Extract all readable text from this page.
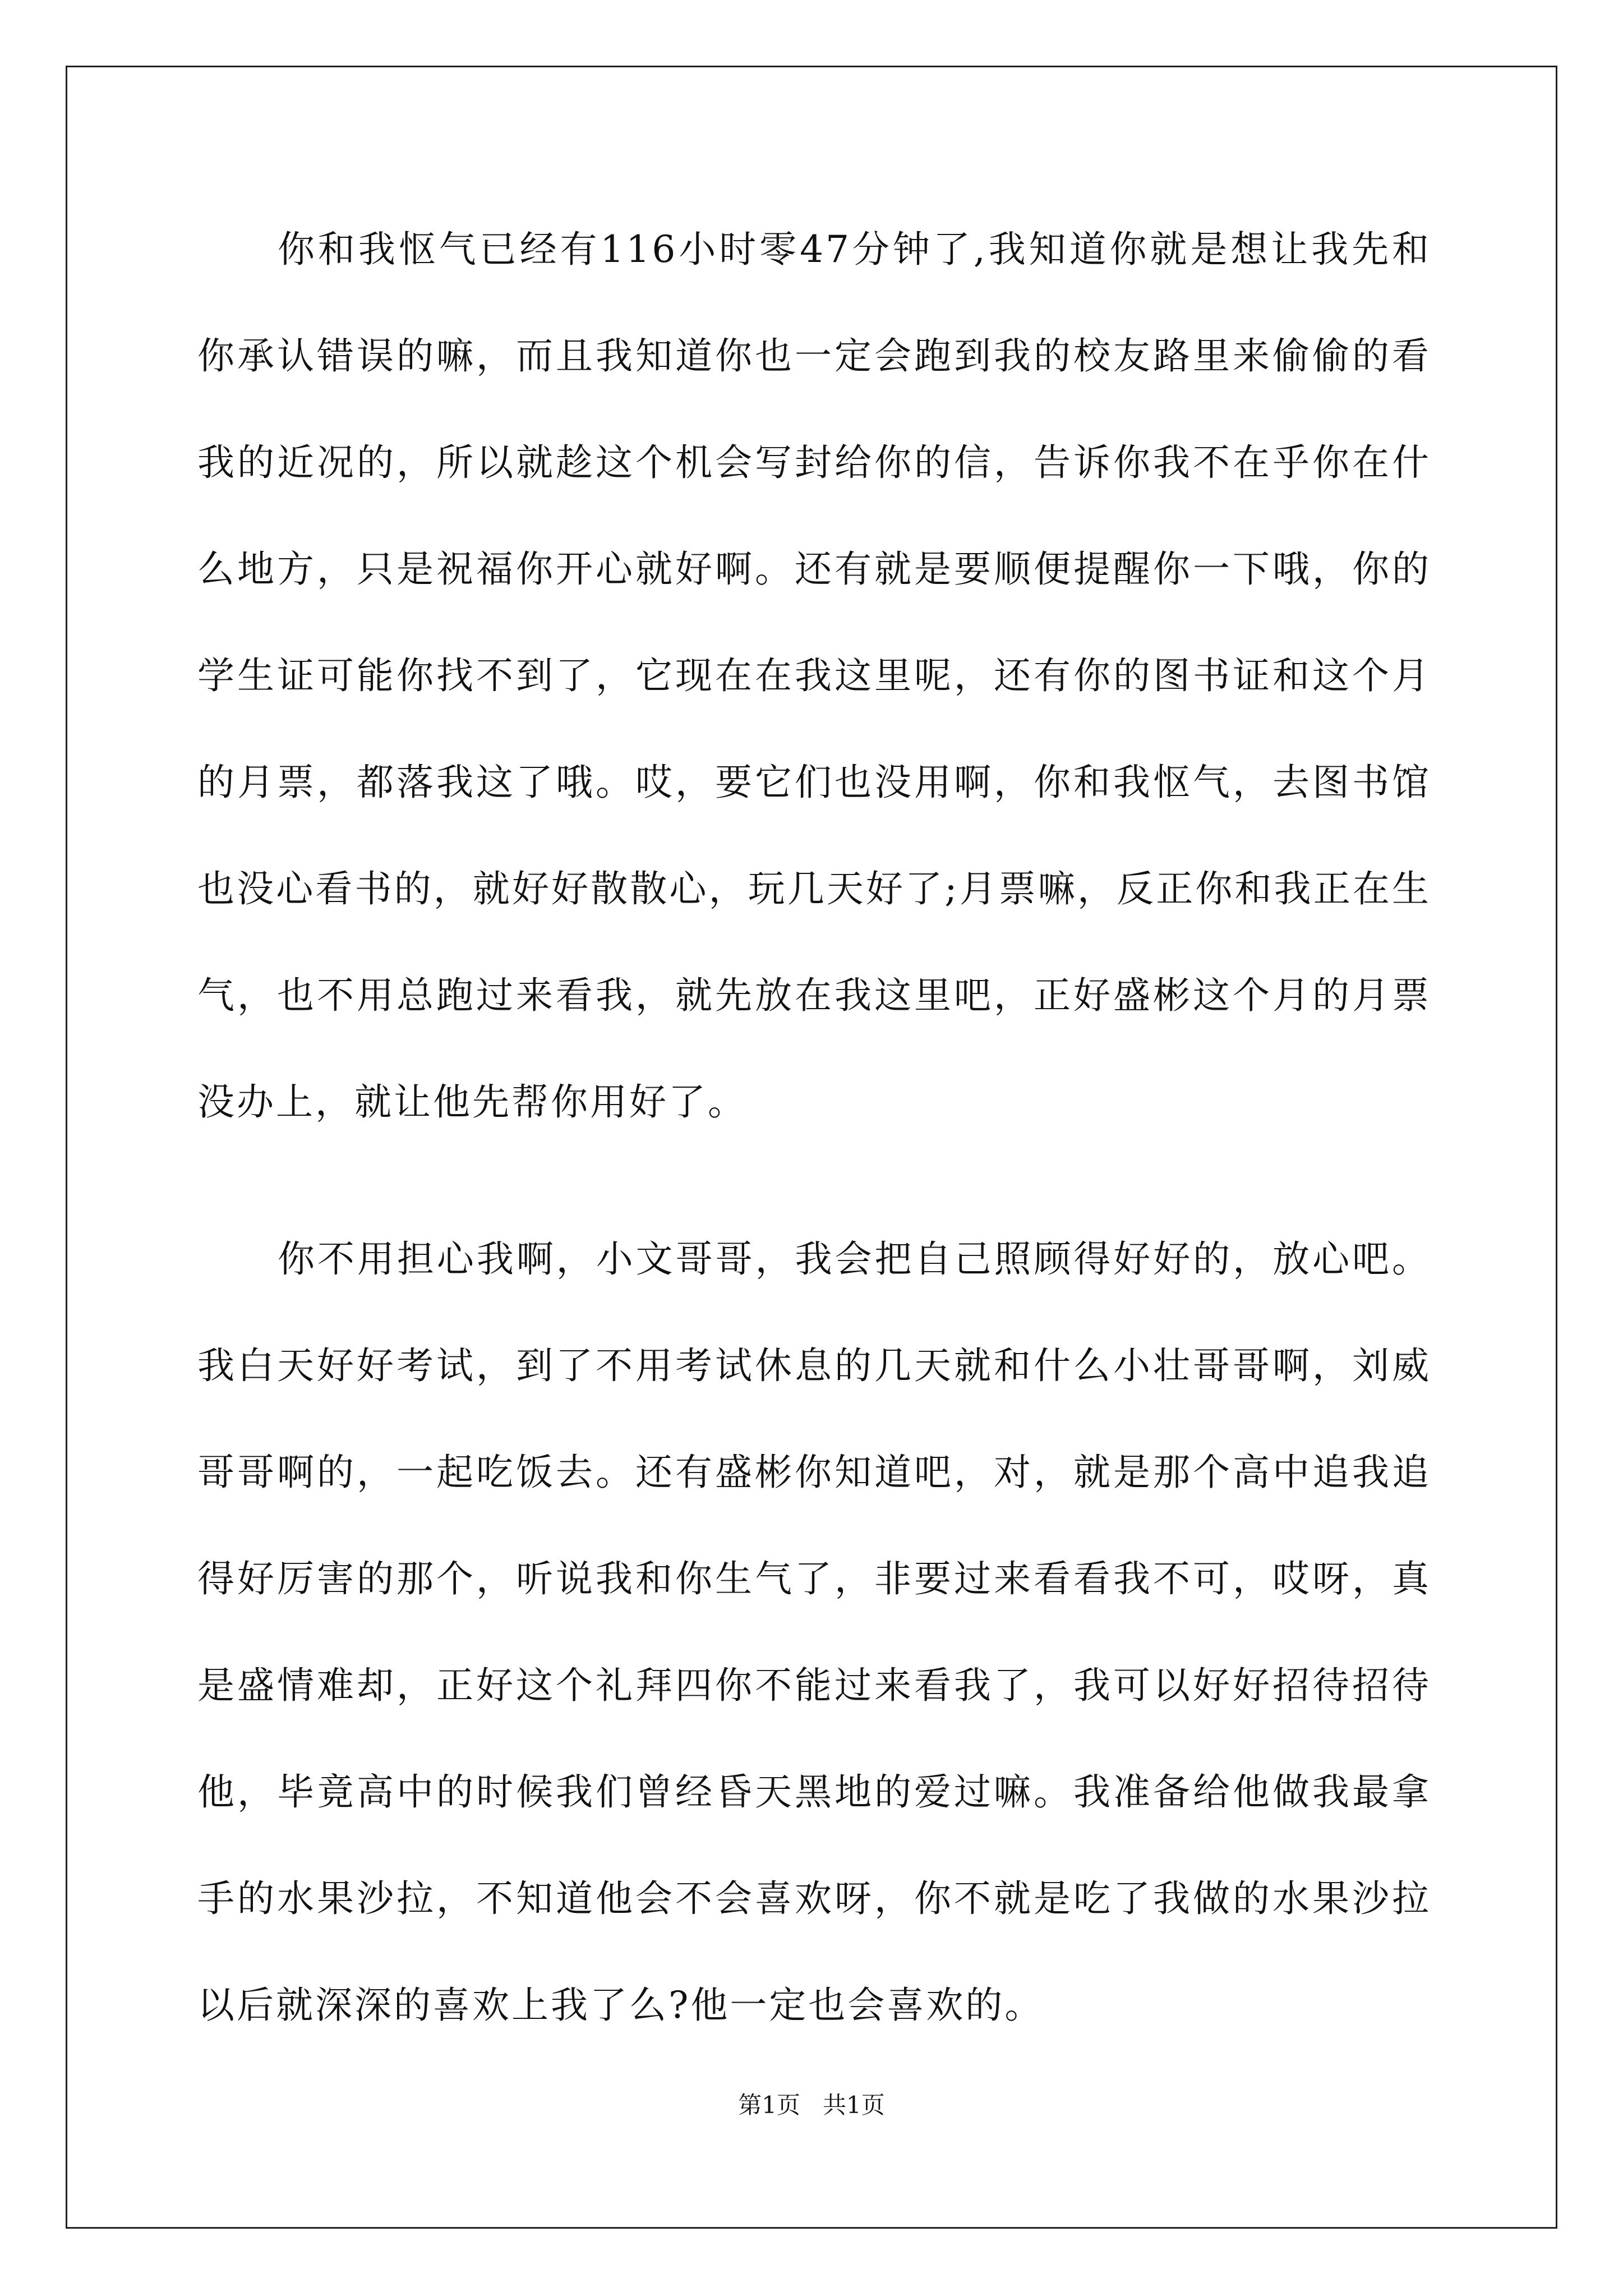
你和我怄气已经有116小时零47分钟了,我知道你就是想让我先和你承认错误的嘛，而且我知道你也一定会跑到我的校友路里来偷偷的看我的近况的，所以就趁这个机会写封给你的信，告诉你我不在乎你在什么地方，只是祝福你开心就好啊。还有就是要顺便提醒你一下哦，你的学生证可能你找不到了，它现在在我这里呢，还有你的图书证和这个月的月票，都落我这了哦。哎，要它们也没用啊，你和我怄气，去图书馆也没心看书的，就好好散散心，玩几天好了;月票嘛，反正你和我正在生气，也不用总跑过来看我，就先放在我这里吧，正好盛彬这个月的月票没办上，就让他先帮你用好了。

你不用担心我啊，小文哥哥，我会把自己照顾得好好的，放心吧。我白天好好考试，到了不用考试休息的几天就和什么小壮哥哥啊，刘威哥哥啊的，一起吃饭去。还有盛彬你知道吧，对，就是那个高中追我追得好厉害的那个，听说我和你生气了，非要过来看看我不可，哎呀，真是盛情难却，正好这个礼拜四你不能过来看我了，我可以好好招待招待他，毕竟高中的时候我们曾经昏天黑地的爱过嘛。我准备给他做我最拿手的水果沙拉，不知道他会不会喜欢呀，你不就是吃了我做的水果沙拉以后就深深的喜欢上我了么?他一定也会喜欢的。

第1页 共1页
